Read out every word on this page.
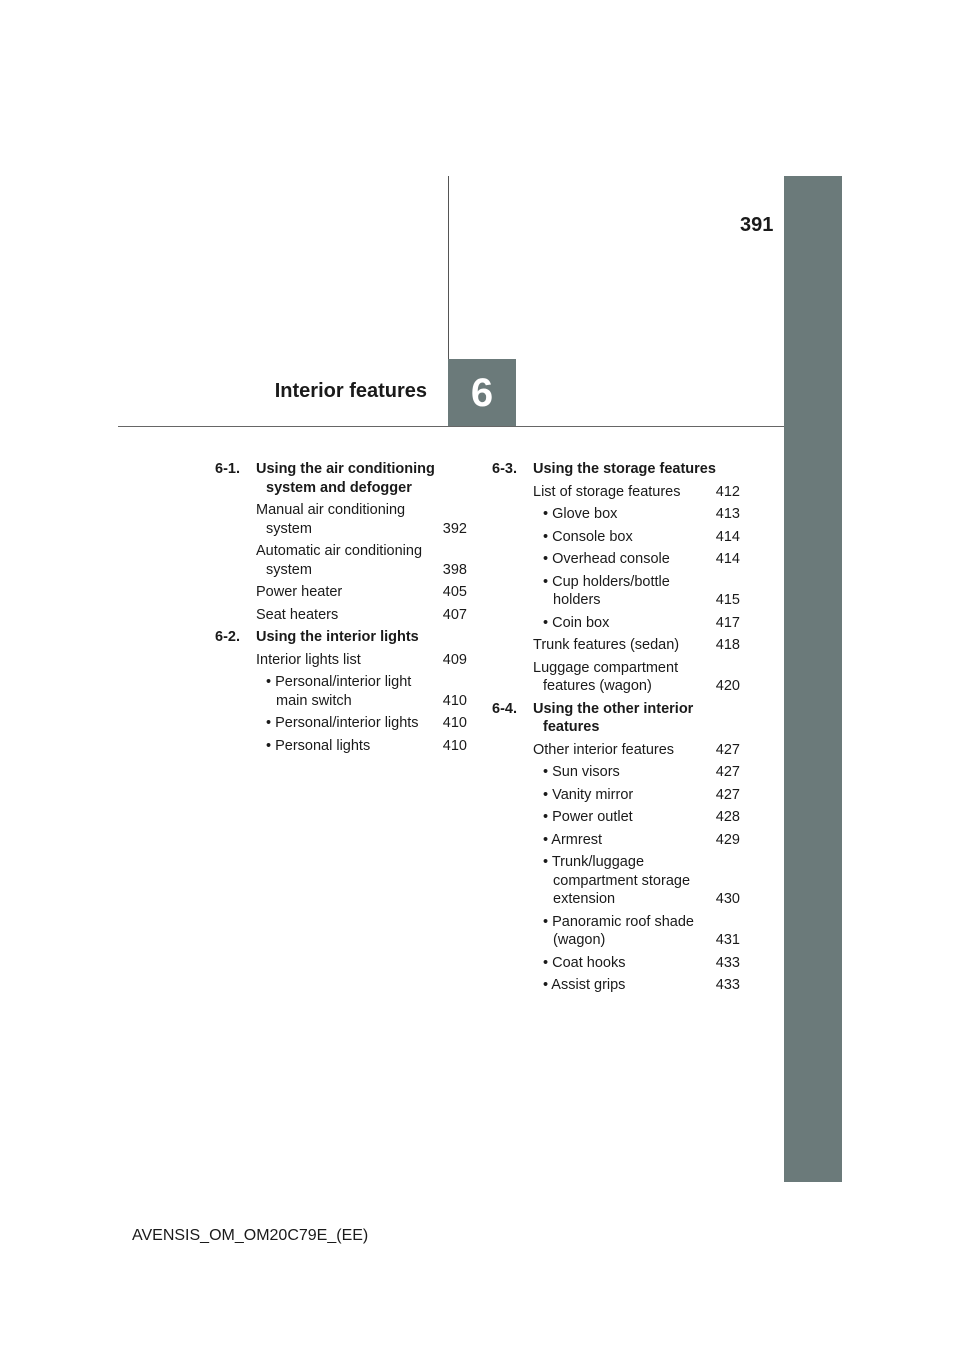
6
391
Interior features
6-1.	Using the air conditioning system and defogger
Manual air conditioning system	392
Automatic air conditioning system	398
Power heater	405
Seat heaters	407
6-2.	Using the interior lights
Interior lights list	409
• Personal/interior light main switch	410
• Personal/interior lights	410
• Personal lights	410
6-3.	Using the storage features
List of storage features	412
• Glove box	413
• Console box	414
• Overhead console	414
• Cup holders/bottle holders	415
• Coin box	417
Trunk features (sedan)	418
Luggage compartment features (wagon)	420
6-4.	Using the other interior features
Other interior features	427
• Sun visors	427
• Vanity mirror	427
• Power outlet	428
• Armrest	429
• Trunk/luggage compartment storage extension	430
• Panoramic roof shade (wagon)	431
• Coat hooks	433
• Assist grips	433
AVENSIS_OM_OM20C79E_(EE)
